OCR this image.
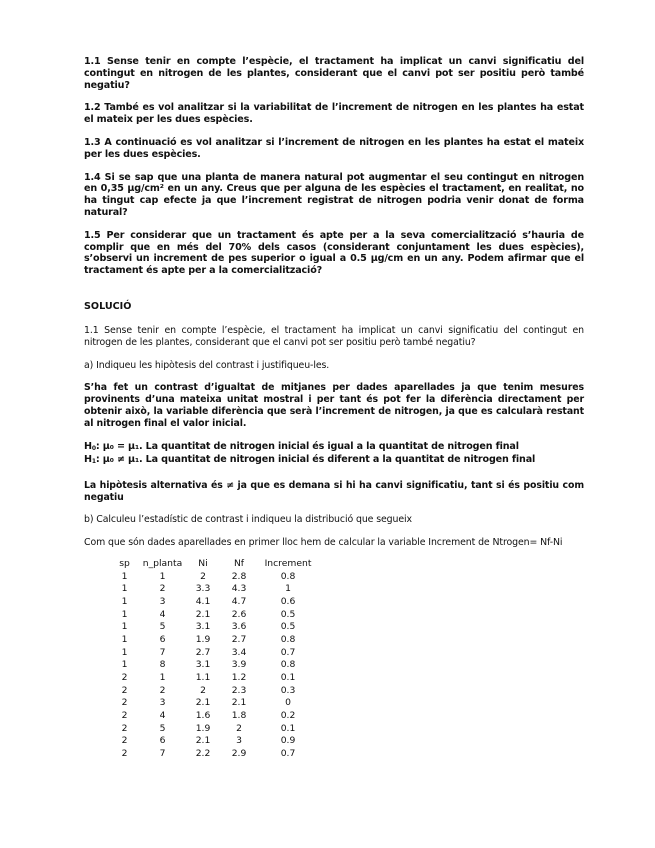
1.1 Sense tenir en compte l’espècie, el tractament ha implicat un canvi significatiu del contingut en nitrogen de les plantes, considerant que el canvi pot ser positiu però també negatiu?

1.2 També es vol analitzar si la variabilitat de l’increment de nitrogen en les plantes ha estat el mateix per les dues espècies.

1.3 A continuació es vol analitzar si l’increment de nitrogen en les plantes ha estat el mateix per les dues espècies.

1.4 Si se sap que una planta de manera natural pot augmentar el seu contingut en nitrogen en 0,35 µg/cm² en un any. Creus que per alguna de les espècies el tractament, en realitat, no ha tingut cap efecte ja que l’increment registrat de nitrogen podria venir donat de forma natural?

1.5 Per considerar que un tractament és apte per a la seva comercialització s’hauria de complir que en més del 70% dels casos (considerant conjuntament les dues espècies), s’observi un increment de pes superior o igual a 0.5 µg/cm en un any. Podem afirmar que el tractament és apte per a la comercialització?

SOLUCIÓ

1.1 Sense tenir en compte l’espècie, el tractament ha implicat un canvi significatiu del contingut en nitrogen de les plantes, considerant que el canvi pot ser positiu però també negatiu?

a) Indiqueu les hipòtesis del contrast i justifiqueu-les.

S’ha fet un contrast d’igualtat de mitjanes per dades aparellades ja que tenim mesures provinents d’una mateixa unitat mostral i per tant és pot fer la diferència directament per obtenir això, la variable diferència que serà l’increment de nitrogen, ja que es calcularà restant al nitrogen final el valor inicial.

$H_0$: μ₀ = μ₁. La quantitat de nitrogen inicial és igual a la quantitat de nitrogen final

$H_1$: μ₀ ≠ μ₁. La quantitat de nitrogen inicial és diferent a la quantitat de nitrogen final

La hipòtesis alternativa és ≠ ja que es demana si hi ha canvi significatiu, tant si és positiu com negatiu

b) Calculeu l’estadístic de contrast i indiqueu la distribució que segueix

Com que són dades aparellades en primer lloc hem de calcular la variable Increment de Ntrogen= Nf-Ni

sp	n_planta	Ni	Nf	Increment
1	1	2	2.8	0.8
1	2	3.3	4.3	1
1	3	4.1	4.7	0.6
1	4	2.1	2.6	0.5
1	5	3.1	3.6	0.5
1	6	1.9	2.7	0.8
1	7	2.7	3.4	0.7
1	8	3.1	3.9	0.8
2	1	1.1	1.2	0.1
2	2	2	2.3	0.3
2	3	2.1	2.1	0
2	4	1.6	1.8	0.2
2	5	1.9	2	0.1
2	6	2.1	3	0.9
2	7	2.2	2.9	0.7
